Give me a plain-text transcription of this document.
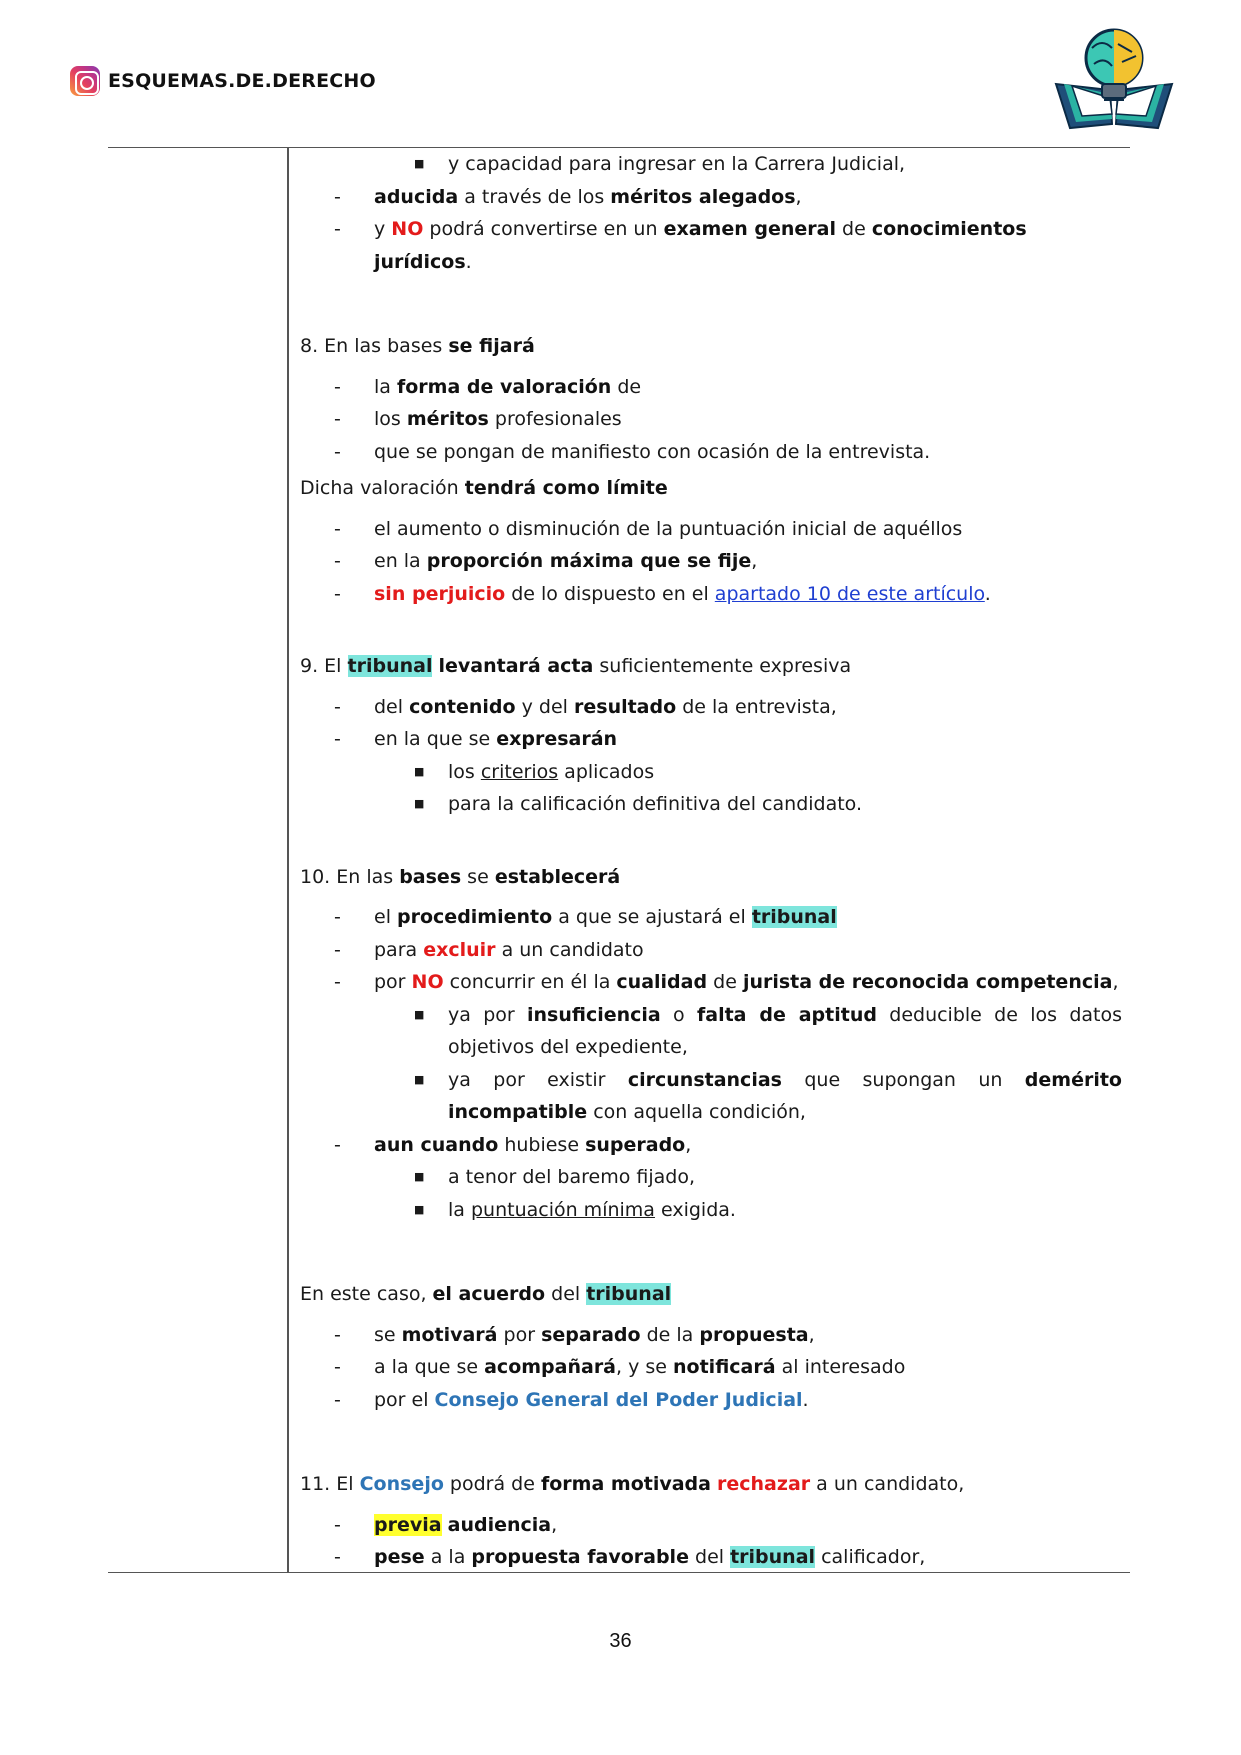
ESQUEMAS.DE.DERECHO
■	y capacidad para ingresar en la Carrera Judicial,
-	aducida a través de los méritos alegados,
-	y NO podrá convertirse en un examen general de conocimientos jurídicos.
8. En las bases se fijará
-	la forma de valoración de
-	los méritos profesionales
-	que se pongan de manifiesto con ocasión de la entrevista.
Dicha valoración tendrá como límite
-	el aumento o disminución de la puntuación inicial de aquéllos
-	en la proporción máxima que se fije,
-	sin perjuicio de lo dispuesto en el apartado 10 de este artículo.
9. El tribunal levantará acta suficientemente expresiva
-	del contenido y del resultado de la entrevista,
-	en la que se expresarán
■	los criterios aplicados
■	para la calificación definitiva del candidato.
10. En las bases se establecerá
-	el procedimiento a que se ajustará el tribunal
-	para excluir a un candidato
-	por NO concurrir en él la cualidad de jurista de reconocida competencia,
■	ya por insuficiencia o falta de aptitud deducible de los datos objetivos del expediente,
■	ya por existir circunstancias que supongan un demérito incompatible con aquella condición,
-	aun cuando hubiese superado,
■	a tenor del baremo fijado,
■	la puntuación mínima exigida.
En este caso, el acuerdo del tribunal
-	se motivará por separado de la propuesta,
-	a la que se acompañará, y se notificará al interesado
-	por el Consejo General del Poder Judicial.
11. El Consejo podrá de forma motivada rechazar a un candidato,
-	previa audiencia,
-	pese a la propuesta favorable del tribunal calificador,
36
